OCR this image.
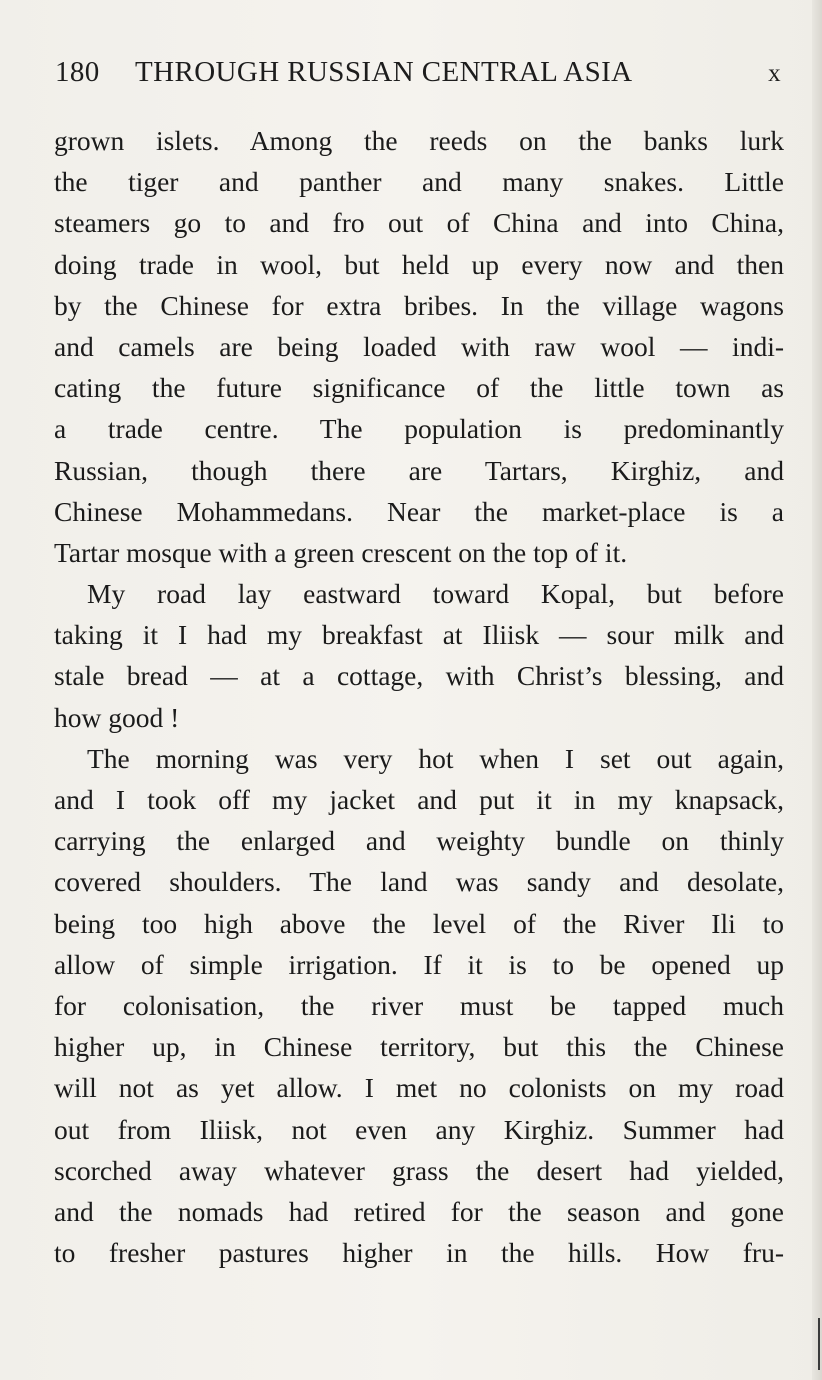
180 THROUGH RUSSIAN CENTRAL ASIA	x
grown islets. Among the reeds on the banks lurk
the tiger and panther and many snakes. Little
steamers go to and fro out of China and into China,
doing trade in wool, but held up every now and then
by the Chinese for extra bribes. In the village wagons
and camels are being loaded with raw wool — indi-
cating the future significance of the little town as
a trade centre. The population is predominantly
Russian, though there are Tartars, Kirghiz, and
Chinese Mohammedans. Near the market-place is a
Tartar mosque with a green crescent on the top of it.
My road lay eastward toward Kopal, but before
taking it I had my breakfast at Iliisk — sour milk and
stale bread — at a cottage, with Christ’s blessing, and
how good !
The morning was very hot when I set out again,
and I took off my jacket and put it in my knapsack,
carrying the enlarged and weighty bundle on thinly
covered shoulders. The land was sandy and desolate,
being too high above the level of the River Ili to
allow of simple irrigation. If it is to be opened up
for colonisation, the river must be tapped much
higher up, in Chinese territory, but this the Chinese
will not as yet allow. I met no colonists on my road
out from Iliisk, not even any Kirghiz. Summer had
scorched away whatever grass the desert had yielded,
and the nomads had retired for the season and gone
to fresher pastures higher in the hills. How fru-
